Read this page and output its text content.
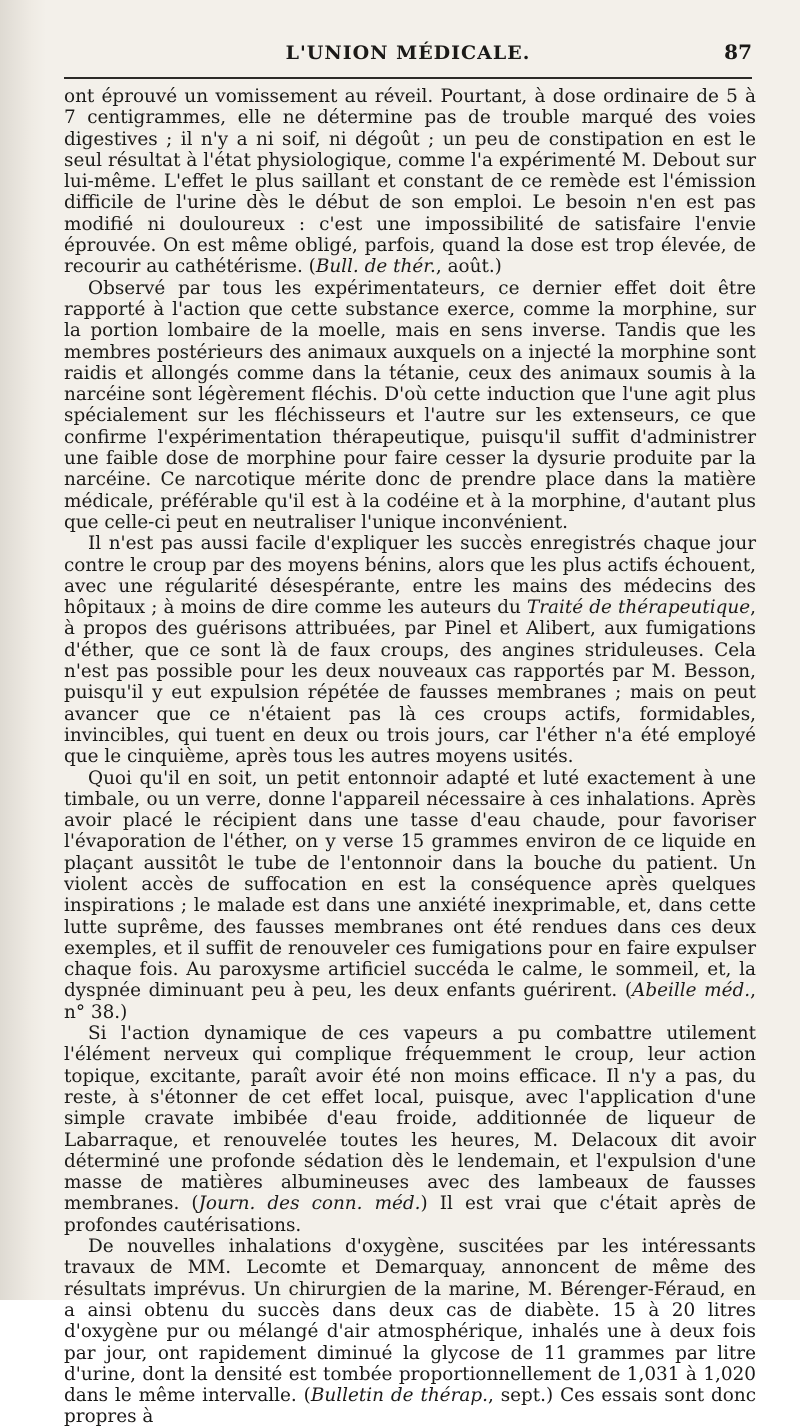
L'UNION MÉDICALE.	87

ont éprouvé un vomissement au réveil. Pourtant, à dose ordinaire de 5 à 7 centigrammes, elle ne détermine pas de trouble marqué des voies digestives ; il n'y a ni soif, ni dégoût ; un peu de constipation en est le seul résultat à l'état physiologique, comme l'a expérimenté M. Debout sur lui-même. L'effet le plus saillant et constant de ce remède est l'émission difficile de l'urine dès le début de son emploi. Le besoin n'en est pas modifié ni douloureux : c'est une impossibilité de satisfaire l'envie éprouvée. On est même obligé, parfois, quand la dose est trop élevée, de recourir au cathétérisme. (Bull. de thér., août.)

Observé par tous les expérimentateurs, ce dernier effet doit être rapporté à l'action que cette substance exerce, comme la morphine, sur la portion lombaire de la moelle, mais en sens inverse. Tandis que les membres postérieurs des animaux auxquels on a injecté la morphine sont raidis et allongés comme dans la tétanie, ceux des animaux soumis à la narcéine sont légèrement fléchis. D'où cette induction que l'une agit plus spécialement sur les fléchisseurs et l'autre sur les extenseurs, ce que confirme l'expérimentation thérapeutique, puisqu'il suffit d'administrer une faible dose de morphine pour faire cesser la dysurie produite par la narcéine. Ce narcotique mérite donc de prendre place dans la matière médicale, préférable qu'il est à la codéine et à la morphine, d'autant plus que celle-ci peut en neutraliser l'unique inconvénient.

Il n'est pas aussi facile d'expliquer les succès enregistrés chaque jour contre le croup par des moyens bénins, alors que les plus actifs échouent, avec une régularité désespérante, entre les mains des médecins des hôpitaux ; à moins de dire comme les auteurs du Traité de thérapeutique, à propos des guérisons attribuées, par Pinel et Alibert, aux fumigations d'éther, que ce sont là de faux croups, des angines striduleuses. Cela n'est pas possible pour les deux nouveaux cas rapportés par M. Besson, puisqu'il y eut expulsion répétée de fausses membranes ; mais on peut avancer que ce n'étaient pas là ces croups actifs, formidables, invincibles, qui tuent en deux ou trois jours, car l'éther n'a été employé que le cinquième, après tous les autres moyens usités.

Quoi qu'il en soit, un petit entonnoir adapté et luté exactement à une timbale, ou un verre, donne l'appareil nécessaire à ces inhalations. Après avoir placé le récipient dans une tasse d'eau chaude, pour favoriser l'évaporation de l'éther, on y verse 15 grammes environ de ce liquide en plaçant aussitôt le tube de l'entonnoir dans la bouche du patient. Un violent accès de suffocation en est la conséquence après quelques inspirations ; le malade est dans une anxiété inexprimable, et, dans cette lutte suprême, des fausses membranes ont été rendues dans ces deux exemples, et il suffit de renouveler ces fumigations pour en faire expulser chaque fois. Au paroxysme artificiel succéda le calme, le sommeil, et, la dyspnée diminuant peu à peu, les deux enfants guérirent. (Abeille méd., n° 38.)

Si l'action dynamique de ces vapeurs a pu combattre utilement l'élément nerveux qui complique fréquemment le croup, leur action topique, excitante, paraît avoir été non moins efficace. Il n'y a pas, du reste, à s'étonner de cet effet local, puisque, avec l'application d'une simple cravate imbibée d'eau froide, additionnée de liqueur de Labarraque, et renouvelée toutes les heures, M. Delacoux dit avoir déterminé une profonde sédation dès le lendemain, et l'expulsion d'une masse de matières albumineuses avec des lambeaux de fausses membranes. (Journ. des conn. méd.) Il est vrai que c'était après de profondes cautérisations.

De nouvelles inhalations d'oxygène, suscitées par les intéressants travaux de MM. Lecomte et Demarquay, annoncent de même des résultats imprévus. Un chirurgien de la marine, M. Bérenger-Féraud, en a ainsi obtenu du succès dans deux cas de diabète. 15 à 20 litres d'oxygène pur ou mélangé d'air atmosphérique, inhalés une à deux fois par jour, ont rapidement diminué la glycose de 11 grammes par litre d'urine, dont la densité est tombée proportionnellement de 1,031 à 1,020 dans le même intervalle. (Bulletin de thérap., sept.) Ces essais sont donc propres à
